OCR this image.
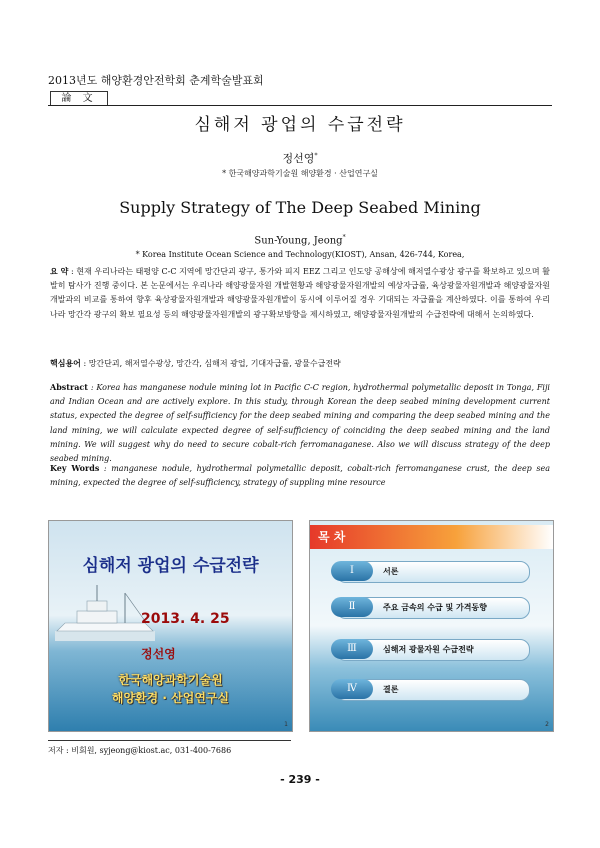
2013년도 해양환경안전학회 춘계학술발표회
論 文
심해저 광업의 수급전략
정선영*
* 한국해양과학기술원 해양환경 · 산업연구실
Supply Strategy of The Deep Seabed Mining
Sun-Young, Jeong*
* Korea Institute Ocean Science and Technology(KIOST), Ansan, 426-744, Korea,
요 약 : 현재 우리나라는 태평양 C-C 지역에 망간단괴 광구, 통가와 피지 EEZ 그리고 인도양 공해상에 해저열수광상 광구를 확보하고 있으며 활발히 탐사가 진행 중이다. 본 논문에서는 우리나라 해양광물자원 개발현황과 해양광물자원개발의 예상자급률, 육상광물자원개발과 해양광물자원개발과의 비교를 통하여 향후 육상광물자원개발과 해양광물자원개발이 동시에 이루어질 경우 기대되는 자급률을 계산하였다. 이를 통하여 우리나라 망간각 광구의 확보 필요성 등의 해양광물자원개발의 광구확보방향을 제시하였고, 해양광물자원개발의 수급전략에 대해서 논의하였다.
핵심용어 : 망간단괴, 해저열수광상, 망간각, 심해저 광업, 기대자급률, 광물수급전략
Abstract : Korea has manganese nodule mining lot in Pacific C-C region, hydrothermal polymetallic deposit in Tonga, Fiji and Indian Ocean and are actively explore. In this study, through Korean the deep seabed mining development current status, expected the degree of self-sufficiency for the deep seabed mining and comparing the deep seabed mining and the land mining, we will calculate expected degree of self-sufficiency of coinciding the deep seabed mining and the land mining. We will suggest why do need to secure cobalt-rich ferromanaganese. Also we will discuss strategy of the deep seabed mining.
Key Words : manganese nodule, hydrothermal polymetallic deposit, cobalt-rich ferromanganese crust, the deep sea mining, expected the degree of self-sufficiency, strategy of suppling mine resource
심해저 광업의 수급전략
2013. 4. 25
정선영
한국해양과학기술원
해양환경 · 산업연구실
1
목 차
Ⅰ	서론
Ⅱ	주요 금속의 수급 및 가격동향
Ⅲ	심해저 광물자원 수급전략
Ⅳ	결론
2
저자 : 비회원, syjeong@kiost.ac, 031-400-7686
- 239 -
